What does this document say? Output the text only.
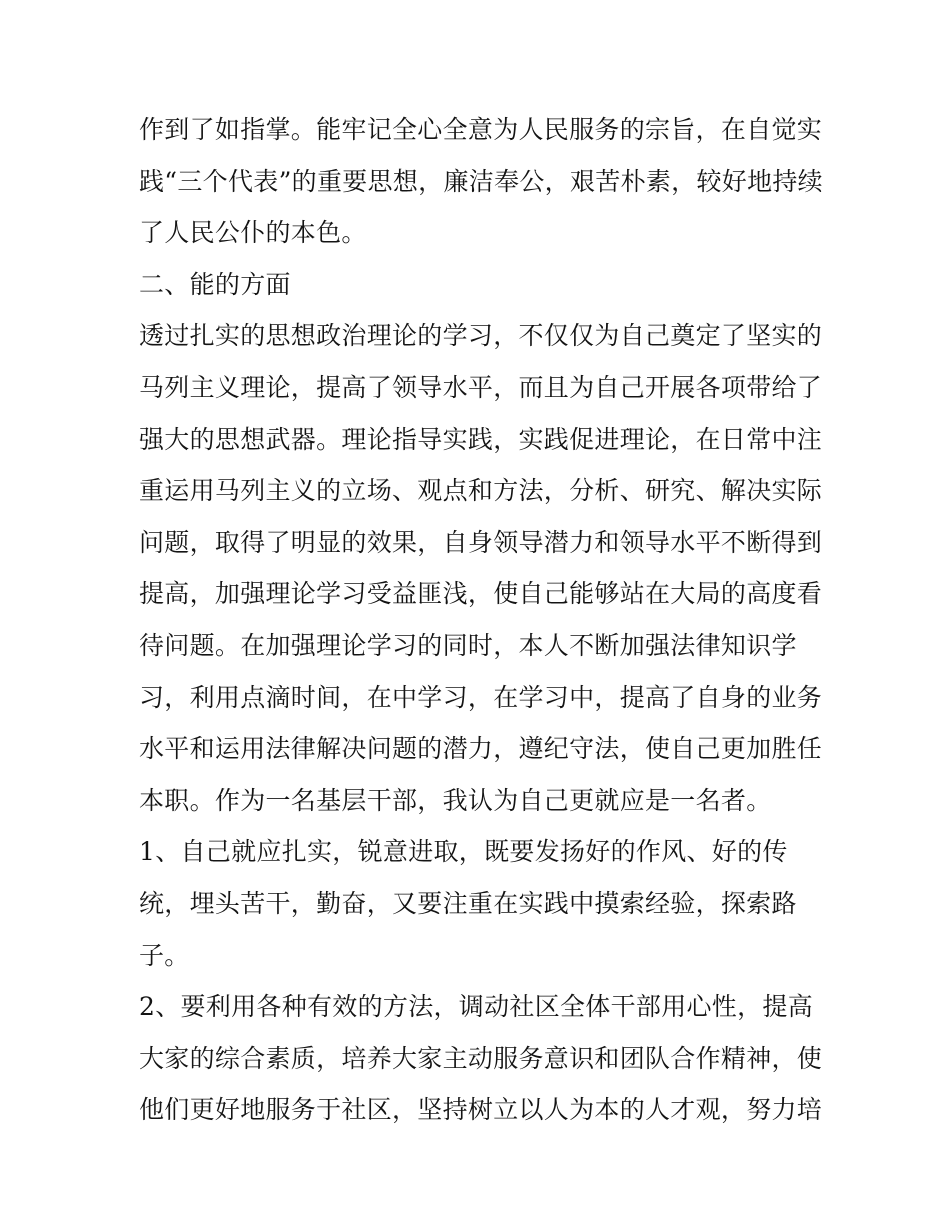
作到了如指掌。能牢记全心全意为人民服务的宗旨，在自觉实
践“三个代表”的重要思想，廉洁奉公，艰苦朴素，较好地持续
了人民公仆的本色。
二、能的方面
透过扎实的思想政治理论的学习，不仅仅为自己奠定了坚实的
马列主义理论，提高了领导水平，而且为自己开展各项带给了
强大的思想武器。理论指导实践，实践促进理论，在日常中注
重运用马列主义的立场、观点和方法，分析、研究、解决实际
问题，取得了明显的效果，自身领导潜力和领导水平不断得到
提高，加强理论学习受益匪浅，使自己能够站在大局的高度看
待问题。在加强理论学习的同时，本人不断加强法律知识学
习，利用点滴时间，在中学习，在学习中，提高了自身的业务
水平和运用法律解决问题的潜力，遵纪守法，使自己更加胜任
本职。作为一名基层干部，我认为自己更就应是一名者。
1、自己就应扎实，锐意进取，既要发扬好的作风、好的传
统，埋头苦干，勤奋，又要注重在实践中摸索经验，探索路
子。
2、要利用各种有效的方法，调动社区全体干部用心性，提高
大家的综合素质，培养大家主动服务意识和团队合作精神，使
他们更好地服务于社区，坚持树立以人为本的人才观，努力培
